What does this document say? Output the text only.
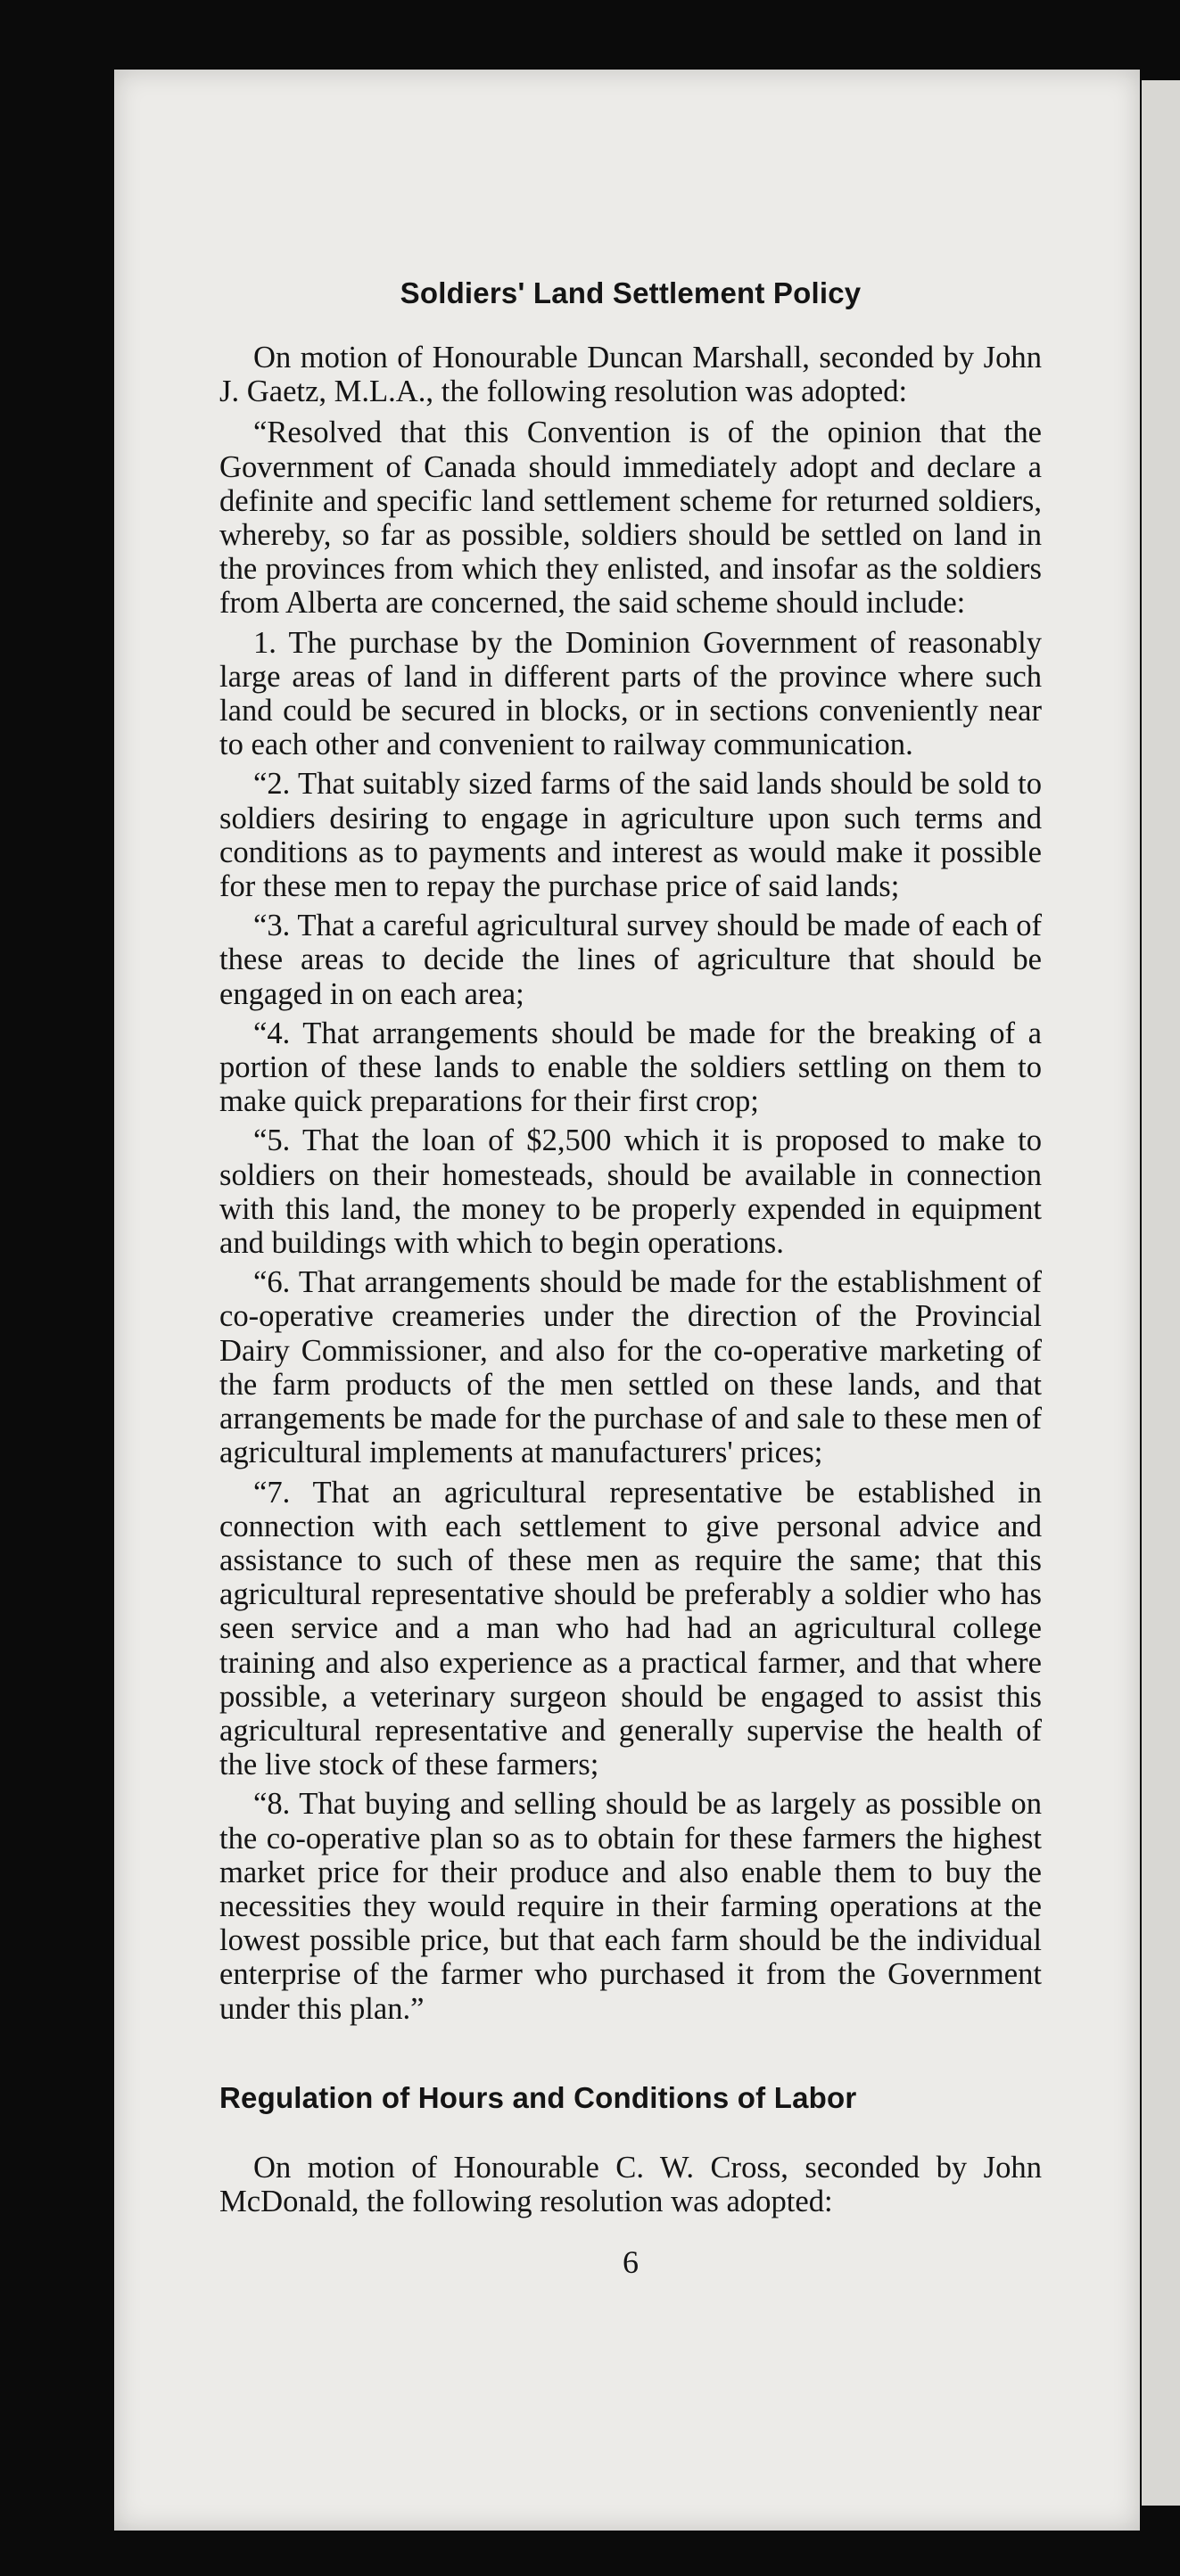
Soldiers' Land Settlement Policy

On motion of Honourable Duncan Marshall, seconded by John J. Gaetz, M.L.A., the following resolution was adopted:

“Resolved that this Convention is of the opinion that the Government of Canada should immediately adopt and declare a definite and specific land settlement scheme for returned soldiers, whereby, so far as possible, soldiers should be settled on land in the provinces from which they enlisted, and insofar as the soldiers from Alberta are concerned, the said scheme should include:

1. The purchase by the Dominion Government of reasonably large areas of land in different parts of the province where such land could be secured in blocks, or in sections conveniently near to each other and convenient to railway communication.

“2. That suitably sized farms of the said lands should be sold to soldiers desiring to engage in agriculture upon such terms and conditions as to payments and interest as would make it possible for these men to repay the purchase price of said lands;

“3. That a careful agricultural survey should be made of each of these areas to decide the lines of agriculture that should be engaged in on each area;

“4. That arrangements should be made for the breaking of a portion of these lands to enable the soldiers settling on them to make quick preparations for their first crop;

“5. That the loan of $2,500 which it is proposed to make to soldiers on their homesteads, should be available in connection with this land, the money to be properly expended in equipment and buildings with which to begin operations.

“6. That arrangements should be made for the establishment of co-operative creameries under the direction of the Provincial Dairy Commissioner, and also for the co-operative marketing of the farm products of the men settled on these lands, and that arrangements be made for the purchase of and sale to these men of agricultural implements at manufacturers' prices;

“7. That an agricultural representative be established in connection with each settlement to give personal advice and assistance to such of these men as require the same; that this agricultural representative should be preferably a soldier who has seen service and a man who had had an agricultural college training and also experience as a practical farmer, and that where possible, a veterinary surgeon should be engaged to assist this agricultural representative and generally supervise the health of the live stock of these farmers;

“8. That buying and selling should be as largely as possible on the co-operative plan so as to obtain for these farmers the highest market price for their produce and also enable them to buy the necessities they would require in their farming operations at the lowest possible price, but that each farm should be the individual enterprise of the farmer who purchased it from the Government under this plan.”

Regulation of Hours and Conditions of Labor

On motion of Honourable C. W. Cross, seconded by John McDonald, the following resolution was adopted:

6
